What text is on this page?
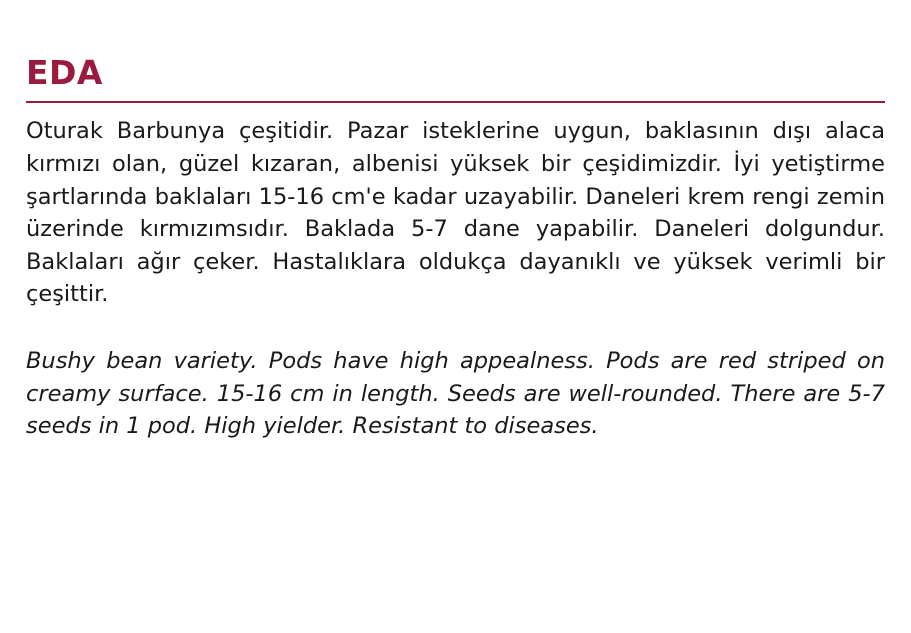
EDA

Oturak Barbunya çeşitidir. Pazar isteklerine uygun, baklasının dışı alaca kırmızı olan, güzel kızaran, albenisi yüksek bir çeşidimizdir. İyi yetiştirme şartlarında baklaları 15-16 cm'e kadar uzayabilir. Daneleri krem rengi zemin üzerinde kırmızımsıdır. Baklada 5-7 dane yapabilir. Daneleri dolgundur. Baklaları ağır çeker. Hastalıklara oldukça dayanıklı ve yüksek verimli bir çeşittir.

Bushy bean variety. Pods have high appealness. Pods are red striped on creamy surface. 15-16 cm in length. Seeds are well-rounded. There are 5-7 seeds in 1 pod. High yielder. Resistant to diseases.
